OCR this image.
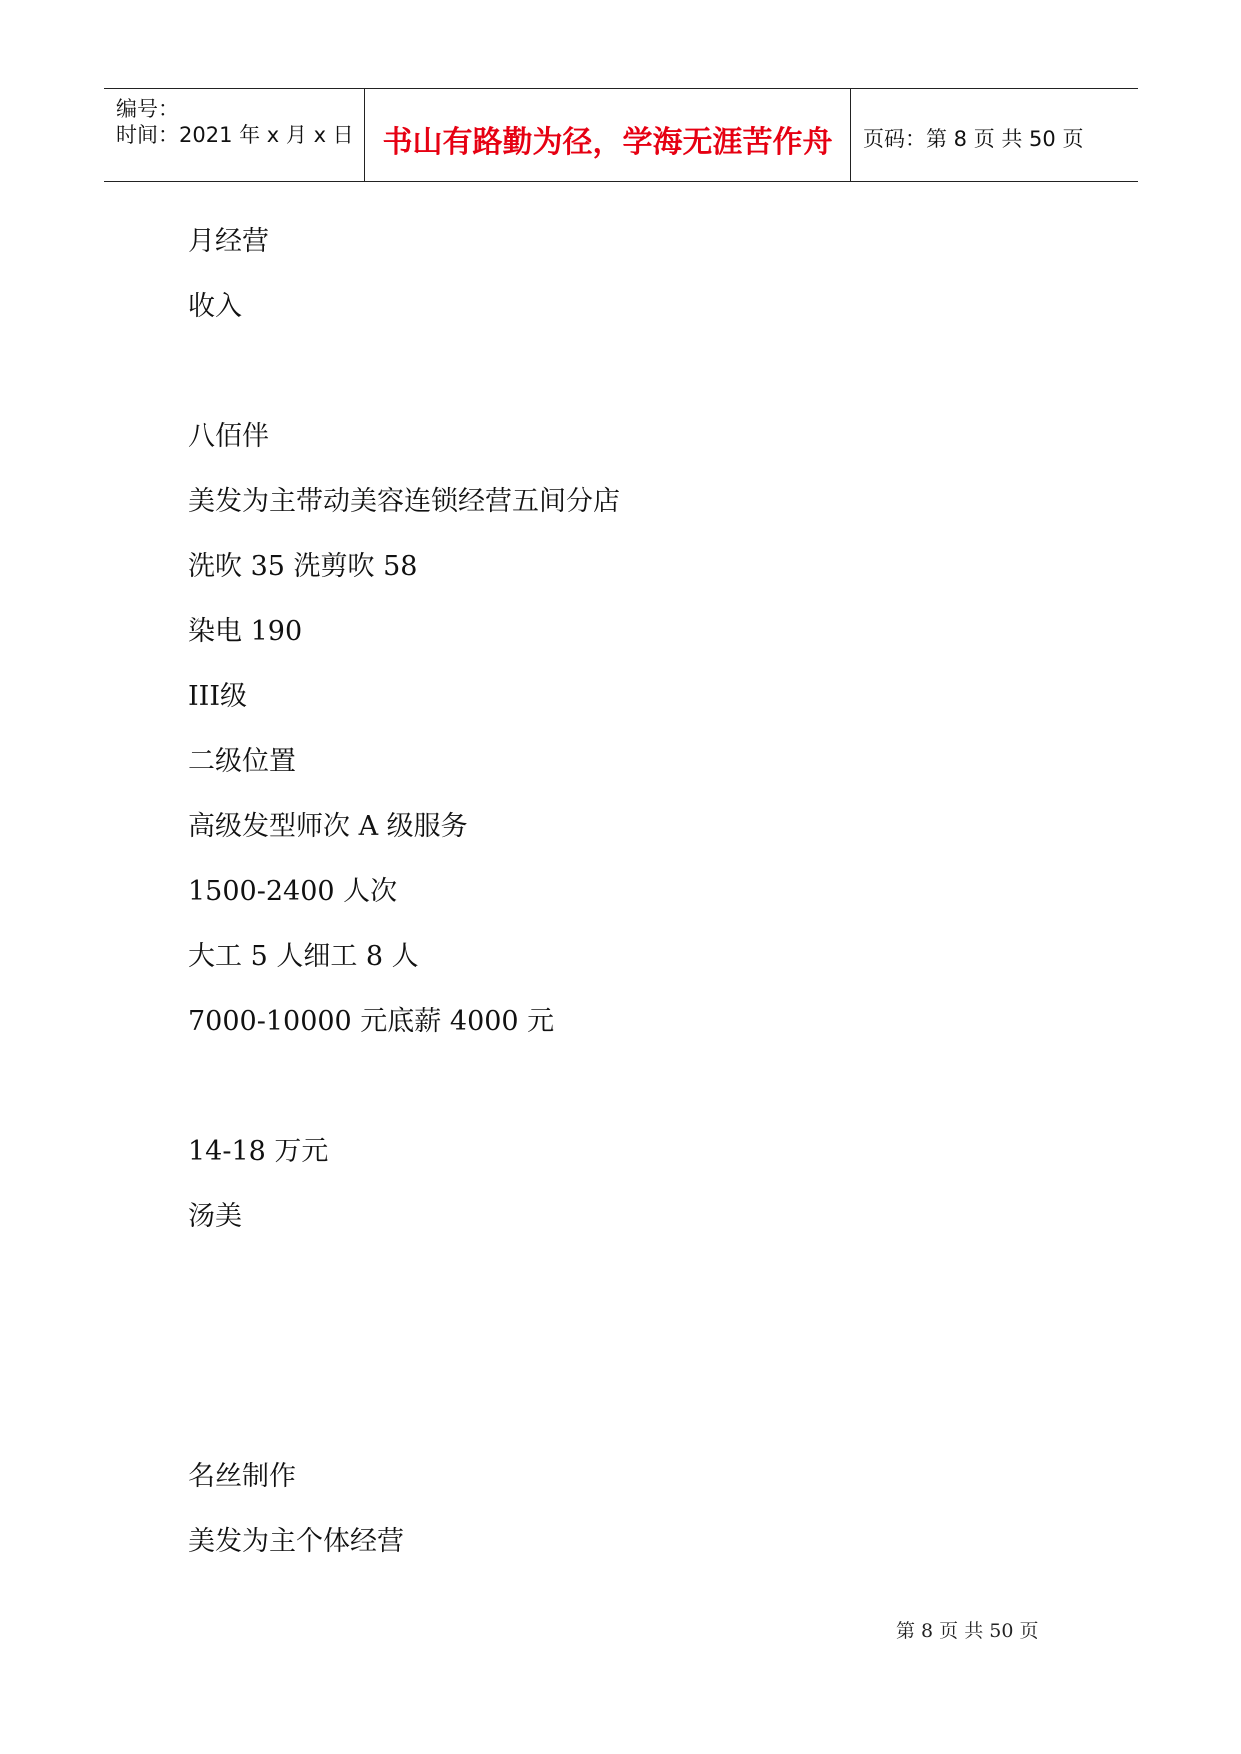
编号：
时间：2021 年 x 月 x 日 书山有路勤为径，学海无涯苦作舟	页码：第 8 页 共 50 页
月经营
收入
八佰伴
美发为主带动美容连锁经营五间分店
洗吹 35 洗剪吹 58
染电 190
III级
二级位置
高级发型师次 A 级服务
1500-2400 人次
大工 5 人细工 8 人
7000-10000 元底薪 4000 元
14-18 万元
汤美
名丝制作
美发为主个体经营
第 8 页 共 50 页
